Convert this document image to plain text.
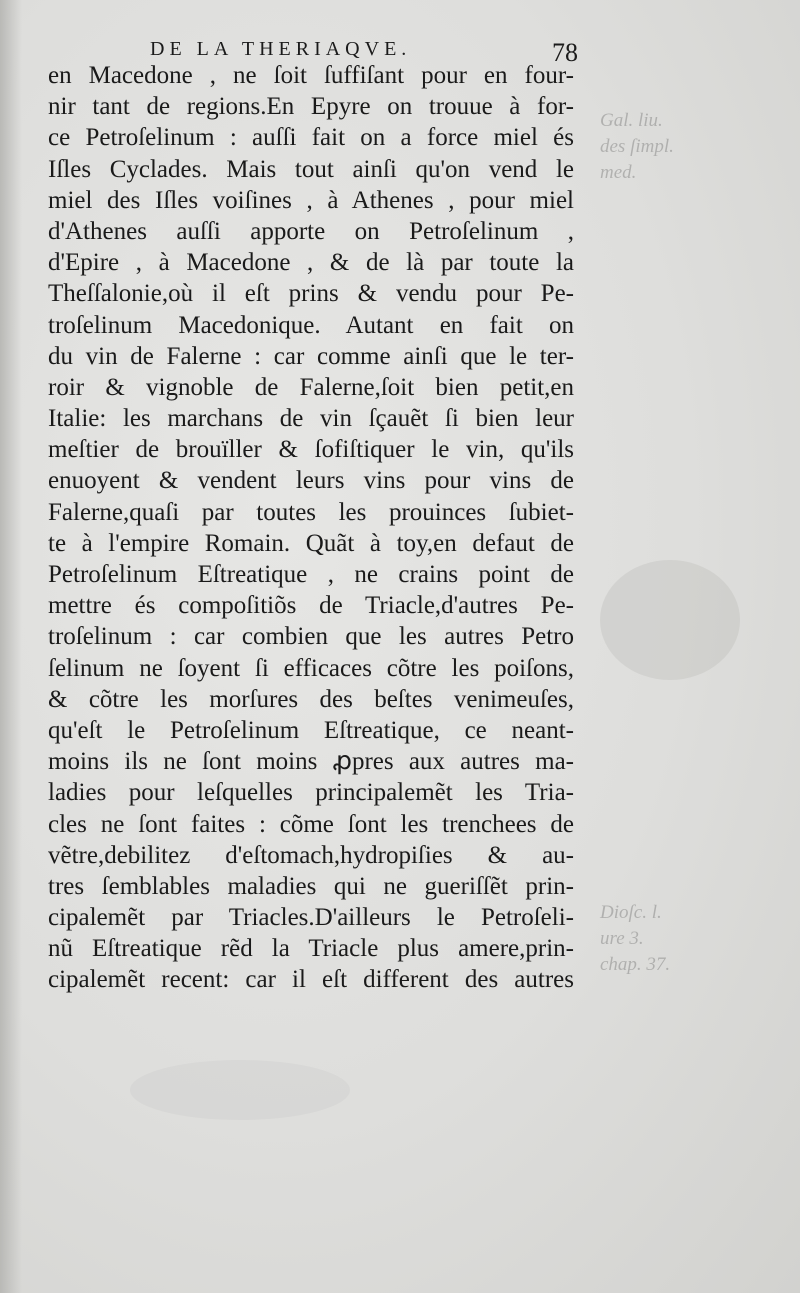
Gal. liu.
des ſimpl.
med.
Dioſc. l.
ure 3.
chap. 37.
DE LA THERIAQVE.	78
en Macedone , ne ſoit ſuffiſant pour en four-
nir tant de regions.En Epyre on trouue à for-
ce Petroſelinum : auſſi fait on a force miel és
Iſles Cyclades. Mais tout ainſi qu'on vend le
miel des Iſles voiſines , à Athenes , pour miel
d'Athenes auſſi apporte on Petroſelinum ,
d'Epire , à Macedone , & de là par toute la
Theſſalonie,où il eſt prins & vendu pour Pe-
troſelinum Macedonique. Autant en fait on
du vin de Falerne : car comme ainſi que le ter-
roir & vignoble de Falerne,ſoit bien petit,en
Italie: les marchans de vin ſçauẽt ſi bien leur
meſtier de brouïller & ſofiſtiquer le vin, qu'ils
enuoyent & vendent leurs vins pour vins de
Falerne,quaſi par toutes les prouinces ſubiet-
te à l'empire Romain. Quãt à toy,en defaut de
Petroſelinum Eſtreatique , ne crains point de
mettre és compoſitiõs de Triacle,d'autres Pe-
troſelinum : car combien que les autres Petro
ſelinum ne ſoyent ſi efficaces cõtre les poiſons,
& cõtre les morſures des beſtes venimeuſes,
qu'eſt le Petroſelinum Eſtreatique, ce neant-
moins ils ne ſont moins ꝓpres aux autres ma-
ladies pour leſquelles principalemẽt les Tria-
cles ne ſont faites : cõme ſont les trenchees de
vẽtre,debilitez d'eſtomach,hydropiſies & au-
tres ſemblables maladies qui ne gueriſſẽt prin-
cipalemẽt par Triacles.D'ailleurs le Petroſeli-
nũ Eſtreatique rẽd la Triacle plus amere,prin-
cipalemẽt recent: car il eſt different des autres
